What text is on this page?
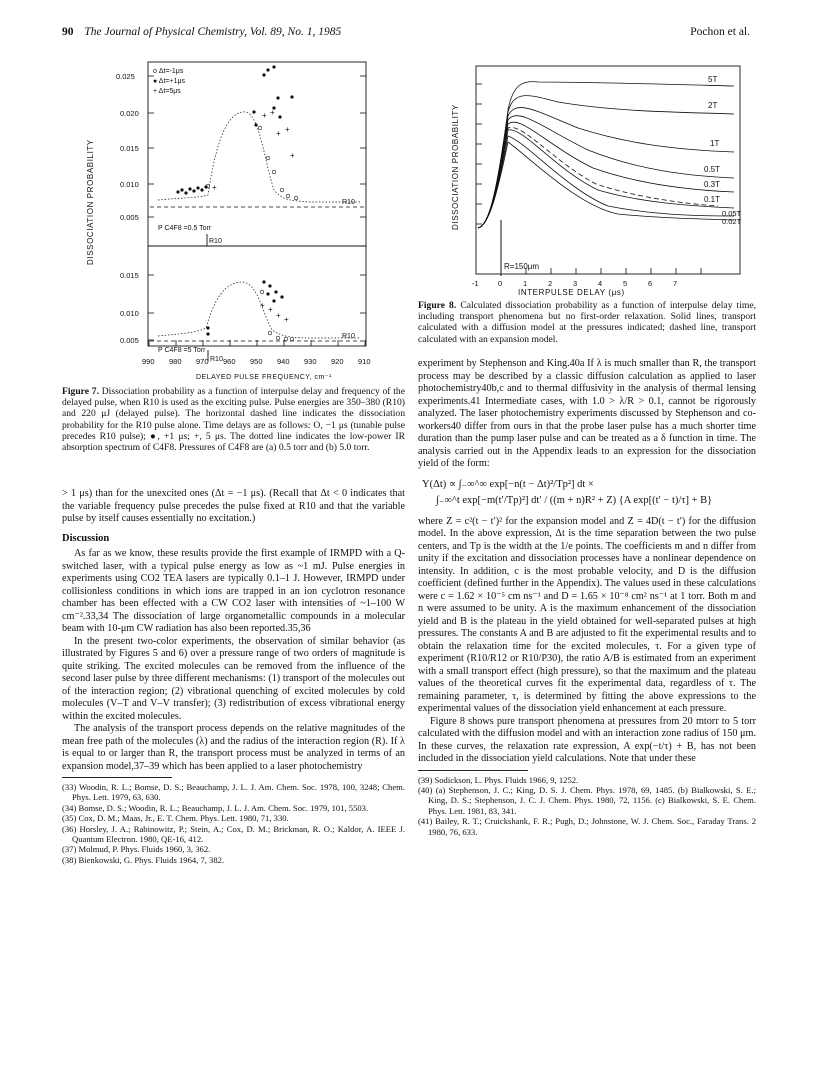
90 The Journal of Physical Chemistry, Vol. 89, No. 1, 1985	Pochon et al.
DISSOCIATION PROBABILITY
0.025
0.020
0.015
0.010
0.005
0.015
0.010
0.005
o Δt=-1μs
● Δt=+1μs
+ Δt=5μs
R10
+ +
+ +
+
+
P C4F8 =0.5 Torr
R10
R10
+ +
+ +
P C4F8 =5 Torr
R10
990 980 970 960 950 940 930 920 910
DELAYED PULSE FREQUENCY, cm⁻¹
Figure 7. Dissociation probability as a function of interpulse delay and frequency of the delayed pulse, when R10 is used as the exciting pulse. Pulse energies are 350–380 (R10) and 220 μJ (delayed pulse). The horizontal dashed line indicates the dissociation probability for the R10 pulse alone. Time delays are as follows: O, −1 μs (tunable pulse precedes R10 pulse); ●, +1 μs; +, 5 μs. The dotted line indicates the low-power IR absorption spectrum of C4F8. Pressures of C4F8 are (a) 0.5 torr and (b) 5.0 torr.
DISSOCIATION PROBABILITY
5T
2T
1T
0.5T
0.3T
0.1T
0.05T
0.02T
R=150μm
-1	0	1	2	3	4	5	6	7
INTERPULSE DELAY (μs)
Figure 8. Calculated dissociation probability as a function of interpulse delay time, including transport phenomena but no first-order relaxation. Solid lines, transport calculated with a diffusion model at the pressures indicated; dashed line, transport calculated with an expansion model.

> 1 μs) than for the unexcited ones (Δt = −1 μs). (Recall that Δt < 0 indicates that the variable frequency pulse precedes the pulse fixed at R10 and that the variable pulse by itself causes essentially no excitation.)

Discussion

As far as we know, these results provide the first example of IRMPD with a Q-switched laser, with a typical pulse energy as low as ~1 mJ. Pulse energies in experiments using CO2 TEA lasers are typically 0.1–1 J. However, IRMPD under collisionless conditions in which ions are trapped in an ion cyclotron resonance chamber has been effected with a CW CO2 laser with intensities of ~1–100 W cm⁻².33,34 The dissociation of large organometallic compounds in a molecular beam with 10-μm CW radiation has also been reported.35,36

In the present two-color experiments, the observation of similar behavior (as illustrated by Figures 5 and 6) over a pressure range of two orders of magnitude is quite striking. The excited molecules can be removed from the influence of the second laser pulse by three different mechanisms: (1) transport of the molecules out of the interaction region; (2) vibrational quenching of excited molecules by cold molecules (V–T and V–V transfer); (3) redistribution of excess vibrational energy within the excited molecules.

The analysis of the transport process depends on the relative magnitudes of the mean free path of the molecules (λ) and the radius of the interaction region (R). If λ is equal to or larger than R, the transport process must be analyzed in terms of an expansion model,37–39 which has been applied to a laser photochemistry

(33) Woodin, R. L.; Bomse, D. S.; Beauchamp, J. L. J. Am. Chem. Soc. 1978, 100, 3248; Chem. Phys. Lett. 1979, 63, 630.
(34) Bomse, D. S.; Woodin, R. L.; Beauchamp, J. L. J. Am. Chem. Soc. 1979, 101, 5503.
(35) Cox, D. M.; Maas, Jr., E. T. Chem. Phys. Lett. 1980, 71, 330.
(36) Horsley, J. A.; Rabinowitz, P.; Stein, A.; Cox, D. M.; Brickman, R. O.; Kaldor, A. IEEE J. Quantum Electron. 1980, QE-16, 412.
(37) Molmud, P. Phys. Fluids 1960, 3, 362.
(38) Bienkowski, G. Phys. Fluids 1964, 7, 382.

experiment by Stephenson and King.40a If λ is much smaller than R, the transport process may be described by a classic diffusion calculation as applied to laser photochemistry40b,c and to thermal diffusivity in the analysis of thermal lensing experiments.41 Intermediate cases, with 1.0 > λ/R > 0.1, cannot be rigorously analyzed. The laser photochemistry experiments discussed by Stephenson and co-workers40 differ from ours in that the probe laser pulse has a much shorter time duration than the pump laser pulse and can be treated as a δ function in time. The analysis carried out in the Appendix leads to an expression for the dissociation yield of the form:

Y(Δt) ∝ ∫₋∞^∞ exp[−n(t − Δt)²/Tp²] dt ×
∫₋∞^t exp[−m(t′/Tp)²] dt′ / ((m + n)R² + Z) {A exp[(t′ − t)/τ] + B}

where Z = c²(t − t′)² for the expansion model and Z = 4D(t − t′) for the diffusion model. In the above expression, Δt is the time separation between the two pulse centers, and Tp is the width at the 1/e points. The coefficients m and n differ from unity if the excitation and dissociation processes have a nonlinear dependence on intensity. In addition, c is the most probable velocity, and D is the diffusion coefficient (defined further in the Appendix). The values used in these calculations were c = 1.62 × 10⁻⁵ cm ns⁻¹ and D = 1.65 × 10⁻⁸ cm² ns⁻¹ at 1 torr. Both m and n were assumed to be unity. A is the maximum enhancement of the dissociation yield and B is the plateau in the yield obtained for well-separated pulses at high pressures. The constants A and B are adjusted to fit the experimental results and to obtain the relaxation time for the excited molecules, τ. For a given type of experiment (R10/R12 or R10/P30), the ratio A/B is estimated from an experiment with a small transport effect (high pressure), so that the maximum and the plateau values of the theoretical curves fit the experimental data, regardless of τ. The remaining parameter, τ, is determined by fitting the above expressions to the experimental values of the dissociation yield enhancement at each pressure.

Figure 8 shows pure transport phenomena at pressures from 20 mtorr to 5 torr calculated with the diffusion model and with an interaction zone radius of 150 μm. In these curves, the relaxation rate expression, A exp(−t/τ) + B, has not been included in the dissociation yield calculations. Note that under these

(39) Sodickson, L. Phys. Fluids 1966, 9, 1252.
(40) (a) Stephenson, J. C.; King, D. S. J. Chem. Phys. 1978, 69, 1485. (b) Bialkowski, S. E.; King, D. S.; Stephenson, J. C. J. Chem. Phys. 1980, 72, 1156. (c) Bialkowski, S. E. Chem. Phys. Lett. 1981, 83, 341.
(41) Bailey, R. T.; Cruickshank, F. R.; Pugh, D.; Johnstone, W. J. Chem. Soc., Faraday Trans. 2 1980, 76, 633.
